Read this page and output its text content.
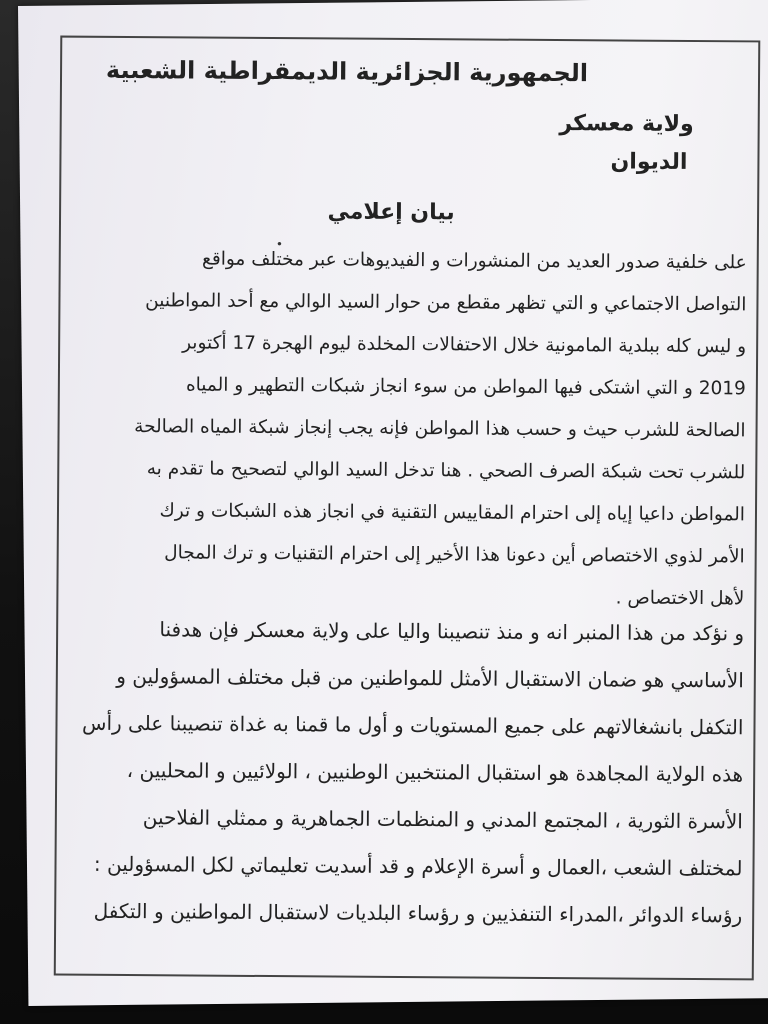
الجمهورية الجزائرية الديمقراطية الشعبية
ولاية معسكر
الديوان
بيان إعلامي
•
على خلفية صدور العديد من المنشورات و الفيديوهات عبر مختلف مواقع
التواصل الاجتماعي و التي تظهر مقطع من حوار السيد الوالي مع أحد المواطنين
و ليس كله ببلدية المامونية خلال الاحتفالات المخلدة ليوم الهجرة 17 أكتوبر
2019 و التي اشتكى فيها المواطن من سوء انجاز شبكات التطهير و المياه
الصالحة للشرب حيث و حسب هذا المواطن فإنه يجب إنجاز شبكة المياه الصالحة
للشرب تحت شبكة الصرف الصحي . هنا تدخل السيد الوالي لتصحيح ما تقدم به
المواطن داعيا إياه إلى احترام المقاييس التقنية في انجاز هذه الشبكات و ترك
الأمر لذوي الاختصاص أين دعونا هذا الأخير إلى احترام التقنيات و ترك المجال
لأهل الاختصاص .
و نؤكد من هذا المنبر انه و منذ تنصيبنا واليا على ولاية معسكر فإن هدفنا
الأساسي هو ضمان الاستقبال الأمثل للمواطنين من قبل مختلف المسؤولين و
التكفل بانشغالاتهم على جميع المستويات و أول ما قمنا به غداة تنصيبنا على رأس
هذه الولاية المجاهدة هو استقبال المنتخبين الوطنيين ، الولائيين و المحليين ،
الأسرة الثورية ، المجتمع المدني و المنظمات الجماهرية و ممثلي الفلاحين
لمختلف الشعب ،العمال و أسرة الإعلام و قد أسديت تعليماتي لكل المسؤولين :
رؤساء الدوائر ،المدراء التنفذيين و رؤساء البلديات لاستقبال المواطنين و التكفل
